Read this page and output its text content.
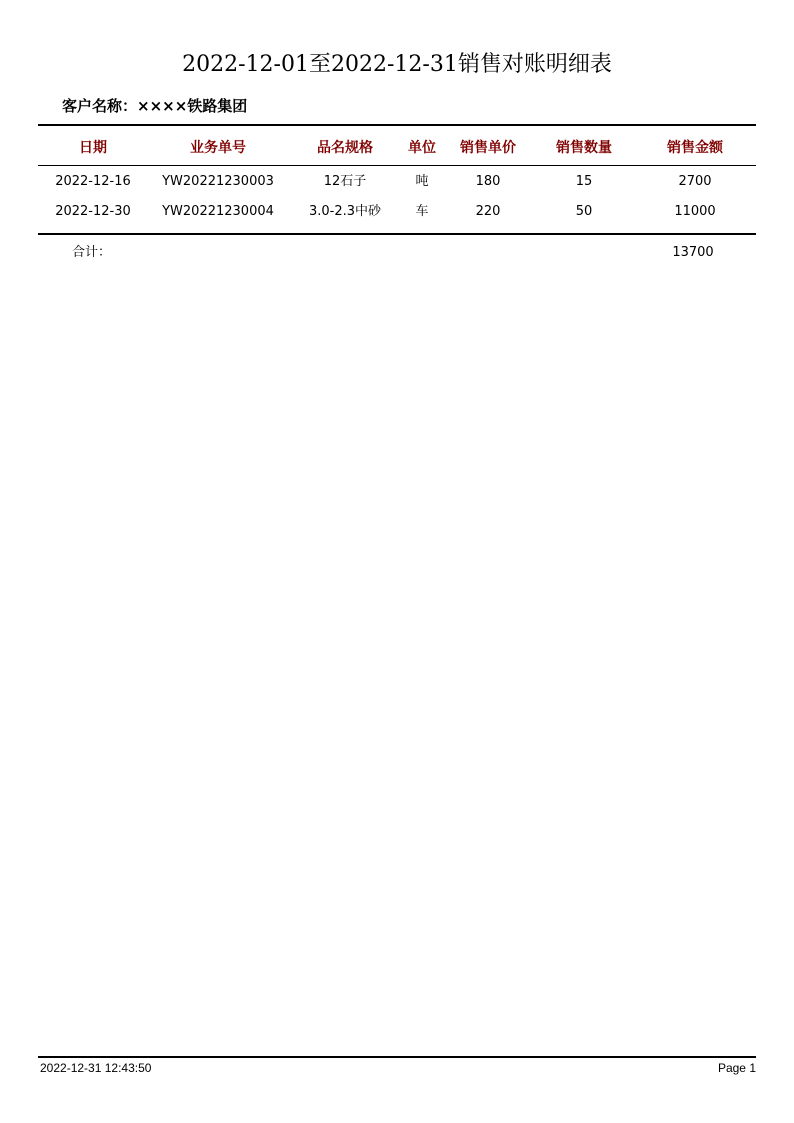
2022-12-01至2022-12-31销售对账明细表
客户名称：××××铁路集团
日期	业务单号	品名规格	单位 销售单价	销售数量	销售金额
2022-12-16 YW20221230003	12石子	吨	180	15	2700
2022-12-30 YW20221230004	3.0-2.3中砂	车	220	50	11000
合计：	13700
2022-12-31 12:43:50	Page 1
